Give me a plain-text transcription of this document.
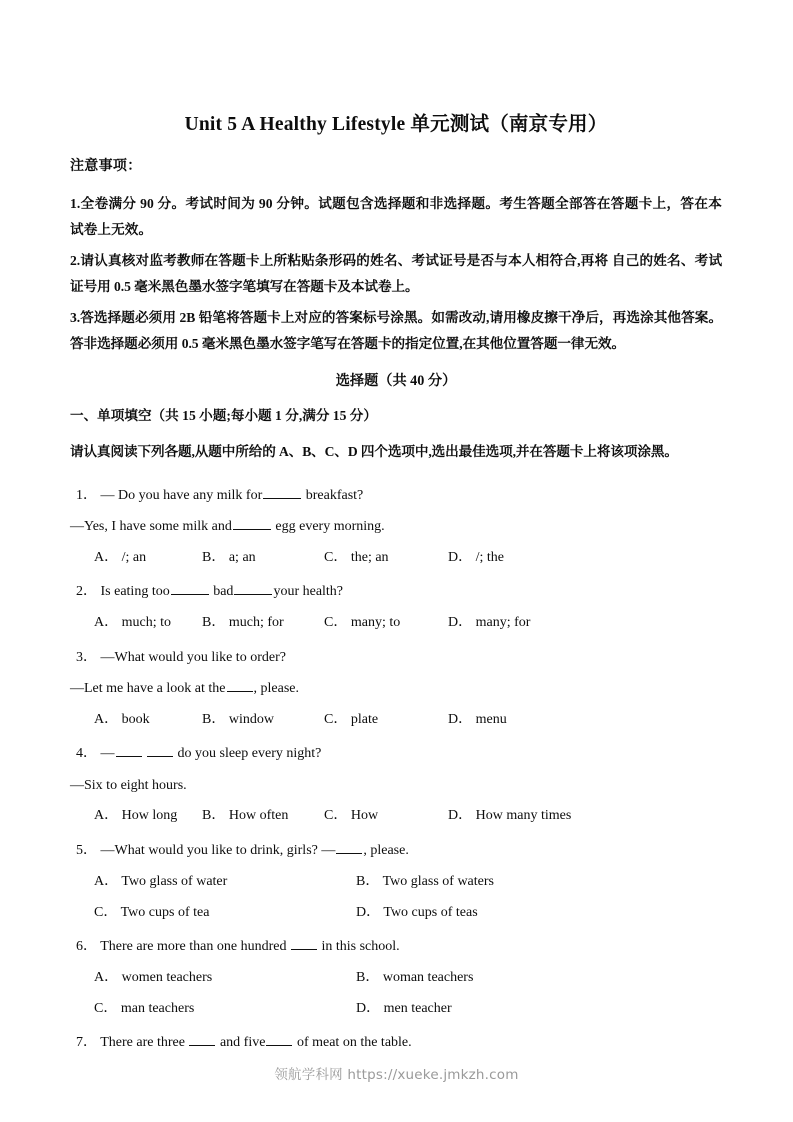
Unit 5 A Healthy Lifestyle 单元测试（南京专用）
注意事项：

1.全卷满分 90 分。考试时间为 90 分钟。试题包含选择题和非选择题。考生答题全部答在答题卡上，答在本试卷上无效。

2.请认真核对监考教师在答题卡上所粘贴条形码的姓名、考试证号是否与本人相符合,再将 自己的姓名、考试证号用 0.5 毫米黑色墨水签字笔填写在答题卡及本试卷上。

3.答选择题必须用 2B 铅笔将答题卡上对应的答案标号涂黑。如需改动,请用橡皮擦干净后，再选涂其他答案。答非选择题必须用 0.5 毫米黑色墨水签字笔写在答题卡的指定位置,在其他位置答题一律无效。

选择题（共 40 分）
一、单项填空（共 15 小题;每小题 1 分,满分 15 分）
请认真阅读下列各题,从题中所给的 A、B、C、D 四个选项中,选出最佳选项,并在答题卡上将该项涂黑。
1． — Do you have any milk for	breakfast?
—Yes, I have some milk and	egg every morning.
A． /; an	B． a; an	C． the; an	D． /; the
2． Is eating too	bad	your health?
A． much; to	B． much; for	C． many; to	D． many; for
3． —What would you like to order?
—Let me have a look at the , please.
A． book	B． window	C． plate	D． menu
4． —	do you sleep every night?
—Six to eight hours.
A． How long	B． How often	C． How	D． How many times
5． —What would you like to drink, girls? — , please.
A． Two glass of water	B． Two glass of waters
C． Two cups of tea	D． Two cups of teas
6． There are more than one hundred  in this school.
A． women teachers	B． woman teachers
C． man teachers	D． men teacher
7． There are three  and five of meat on the table.
领航学科网 https://xueke.jmkzh.com
